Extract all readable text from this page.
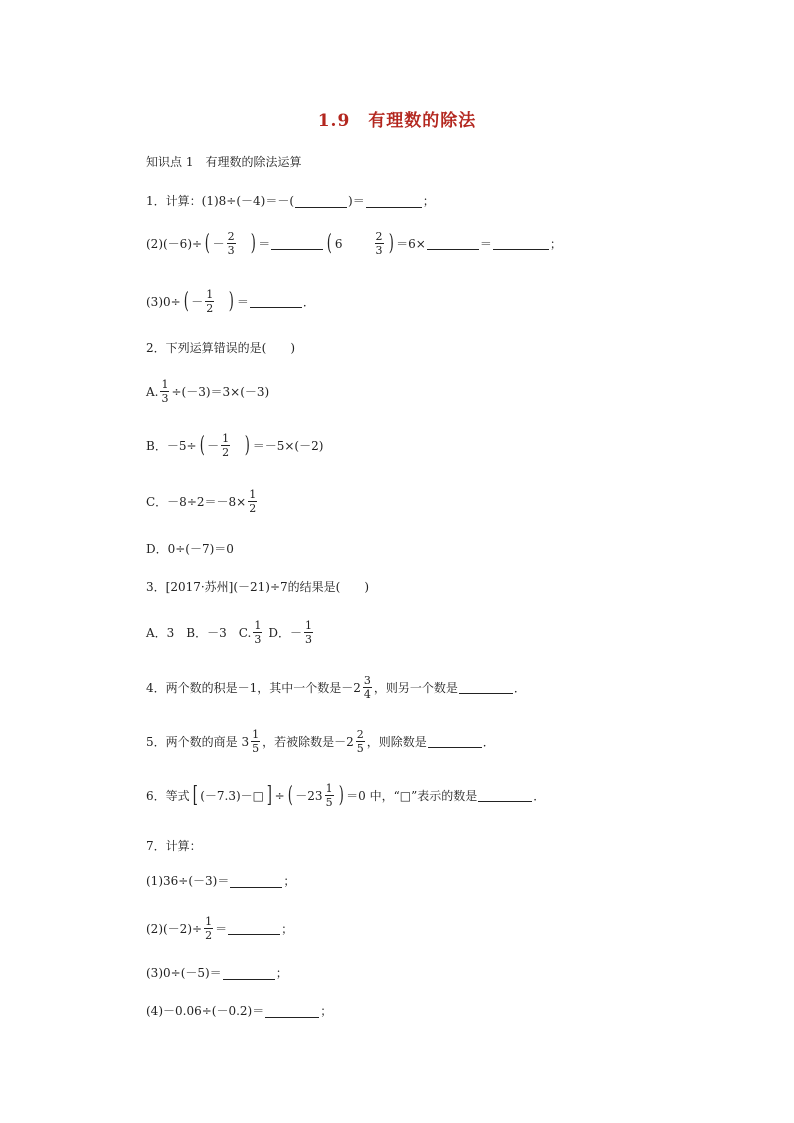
1.9　有理数的除法
知识点 1　有理数的除法运算
1．计算：(1)8÷(－4)＝－(	)＝	；
(2)(－6)÷ ( － $\frac{2}{3}$ ) ＝	( 6	$\frac{2}{3}$ ) ＝6×	＝	；
(3)0÷ ( － $\frac{1}{2}$ ) ＝	．
2．下列运算错误的是(　　)
A. $\frac{1}{3} \div(-3)=3\times(-3)$
B．－5÷ ( － $\frac{1}{2}$ ) ＝－5×(－2)
C．$-8\div 2=-8\times \frac{1}{2}$
D．0÷(－7)＝0
3．[2017·苏州](－21)÷7的结果是(　　)
A．3　B．－3　C. $\frac{1}{3}$ D．－ $\frac{1}{3}$
4．两个数的积是－1，其中一个数是$-2 \frac{3}{4}$ ，则另一个数是	．
5．两个数的商是 $3 \frac{1}{5}$ ，若被除数是$-2 \frac{2}{5}$ ，则除数是	．
6．等式 [ (－7.3)－□ ] ÷ ( $-23 \frac{1}{5}$ ) ＝0 中，“□”表示的数是	．
7．计算：
(1)36÷(－3)＝	；
$(2)(-2)\div \frac{1}{2}$ ＝	；
(3)0÷(－5)＝	；
(4)－0.06÷(－0.2)＝	；
